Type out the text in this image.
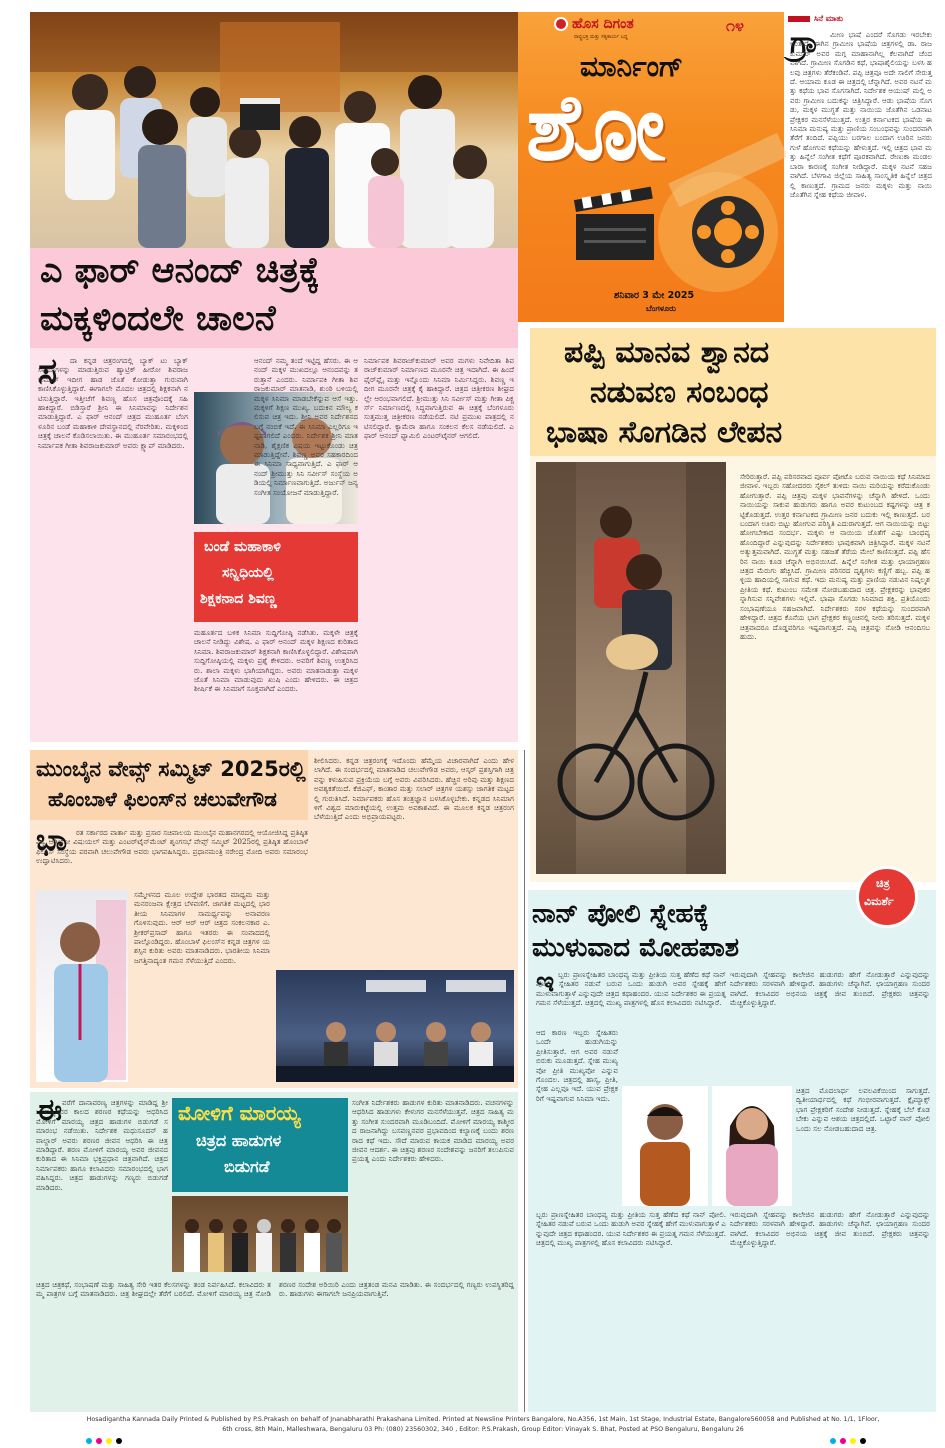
ಹೊಸ ದಿಗಂತ
ರಾಷ್ಟ್ರಭಕ್ತಿ ಮತ್ತು ಸತ್ಯಕಾರ್ಯ ಬದ್ಧ
೧೪
ಮಾರ್ನಿಂಗ್
ಶೋ
ಶನಿವಾರ 3 ಮೇ 2025
ಬೆಂಗಳೂರು
ಸಿನೆ ಮಾತು
ಗ್ರಾ	ಮೀಣ ಭಾಷೆ ಎಂದರೆ ಸೊಗಡು ಇರಬೇಕು ಅಂತಾರೆ. ಈಗಿನ ಗ್ರಾಮೀಣ ಭಾಷೆಯ ಚಿತ್ರಗಳಲ್ಲಿ ಡಾ. ರಾಜಕುಮಾರ್ ಅವರ ಮಗ್ಗ ಮಾಹಾನಾಗಿಲ್ಲ ಕೆಲವಾಗಿದೆ ಚೆಂದವಾಗಿದೆ. ಗ್ರಾಮೀಣ ಸೊಗಡಿನ ಕಥೆ, ಭಾಷಾಶೈಲಿಯನ್ನು ಬಳಸಿ ಹಲವು ಚಿತ್ರಗಳು ತೆರೆಕಂಡಿವೆ. ಪಪ್ಪಿ ಚಿತ್ರವೂ ಅದೇ ಸಾಲಿಗೆ ಸೇರುತ್ತದೆ. ಆಯಾಮ ಕೂಡ ಈ ಚಿತ್ರದಲ್ಲಿ ಚೆನ್ನಾಗಿದೆ. ಅವರ ನಟನೆ ಮತ್ತು ಕಥೆಯ ಭಾವ ಸೊಗಸಾಗಿದೆ. ನಿರ್ದೇಶಕ ಆಯುಷ್ ಮಲ್ಲಿ ಅವರು ಗ್ರಾಮೀಣ ಬದುಕನ್ನು ಚಿತ್ರಿಸಿದ್ದಾರೆ. ಆಡು ಭಾಷೆಯ ಸೊಗಡು, ಮಕ್ಕಳ ಮುಗ್ಧತೆ ಮತ್ತು ನಾಯಿಯ ಜೊತೆಗಿನ ಒಡನಾಟ ಪ್ರೇಕ್ಷಕರ ಮನಸೆಳೆಯುತ್ತದೆ. ಉತ್ತರ ಕರ್ನಾಟಕದ ಭಾಷೆಯ ಈ ಸಿನಿಮಾ ಮನುಷ್ಯ ಮತ್ತು ಪ್ರಾಣಿಯ ಸಂಬಂಧವನ್ನು ಸುಂದರವಾಗಿ ತೆರೆಗೆ ತಂದಿದೆ. ಪಪ್ಪಿಯು ಬರಗಾಲ ಬಂದಾಗ ಊರಿನ ಜನರು ಗುಳೆ ಹೋಗುವ ಕಥೆಯನ್ನು ಹೇಳುತ್ತದೆ. ಇಲ್ಲಿ ಚಿತ್ರದ ಭಾವ ಮತ್ತು ಹಿನ್ನೆಲೆ ಸಂಗೀತ ಕಥೆಗೆ ಪೂರಕವಾಗಿದೆ. ರೇಣುಕಾ ಮಂಡಲ ಬಾರಾ ಕಾರಣಕ್ಕೆ ಸಂಗೀತ ನೀಡಿದ್ದಾರೆ. ಮಕ್ಕಳ ನಟನೆ ಸಹಜವಾಗಿದೆ. ಬೆಳಗಾವಿ ಜಿಲ್ಲೆಯ ಸಾಹಿತ್ಯ ಸಾಂಸ್ಕೃತಿಕ ಹಿನ್ನೆಲೆ ಚಿತ್ರದಲ್ಲಿ ಕಾಣುತ್ತದೆ. ಗ್ರಾಮದ ಜನರು ಮಕ್ಕಳು ಮತ್ತು ನಾಯಿ ಜೊತೆಗಿನ ಸ್ನೇಹ ಕಥೆಯ ಜೀವಾಳ.
ಎ ಫಾರ್ ಆನಂದ್ ಚಿತ್ರಕ್ಕೆ
ಮಕ್ಕಳಿಂದಲೇ ಚಾಲನೆ
ಸ	ದಾ ಕನ್ನಡ ಚಿತ್ರರಂಗದಲ್ಲಿ ಬ್ಯಾಕ್ ಟು ಬ್ಯಾಕ್ ಸಿನಿಮಾಗಳನ್ನು ಮಾಡುತ್ತಿರುವ ಹ್ಯಾಟ್ರಿಕ್ ಹೀರೋ ಶಿವರಾಜಕುಮಾರ್ ಇದೀಗ ಹಾಡ ಜೊತೆ ಕೋಡುತ್ತಾ ಗುರುವಾಗಿ ಕಾಣಿಸಿಕೊಳ್ಳುತ್ತಿದ್ದಾರೆ. ಈಗಾಗಲೇ ಮೊದಲ ಚಿತ್ರದಲ್ಲಿ ಶಿಕ್ಷಕನಾಗಿ ನಟಿಸುತ್ತಿದ್ದಾರೆ. ಇತ್ತೀಚೆಗೆ ಶಿವಣ್ಣ ಹೊಸ ಚಿತ್ರವೊಂದಕ್ಕೆ ಸಹಿ ಹಾಕಿದ್ದಾರೆ. ಬಿಡಿಸ್ತಾರೆ ಶ್ರೀನಿ ಈ ಸಿನಿಮಾವನ್ನು ನಿರ್ದೇಶನ ಮಾಡುತ್ತಿದ್ದಾರೆ. ಎ ಫಾರ್ ಆನಂದ್ ಚಿತ್ರದ ಮುಹೂರ್ತ ಬೆಂಗಳೂರಿನ ಬಂಡೆ ಮಹಾಕಾಳಿ ದೇವಸ್ಥಾನದಲ್ಲಿ ನೆರವೇರಿತು. ಮಕ್ಕಳಿಂದ ಚಿತ್ರಕ್ಕೆ ಚಾಲನೆ ಕೊಡಿಸಲಾಯಿತು. ಈ ಮುಹೂರ್ತ ಸಮಾರಂಭದಲ್ಲಿ ನಿರ್ಮಾಪಕ ಗೀತಾ ಶಿವರಾಜಕುಮಾರ್ ಅವರು ಕ್ಲ್ಯಾಪ್ ಮಾಡಿದರು.
ಬಂಡೆ ಮಹಾಕಾಳಿ
ಸನ್ನಿಧಿಯಲ್ಲಿ
ಶಿಕ್ಷಕನಾದ ಶಿವಣ್ಣ
ಮಹೂರ್ತದ ಬಳಿಕ ಸಿನಿಮಾ ಸುದ್ದಿಗೋಷ್ಠಿ ನಡೆಸಿತು. ಮಕ್ಕಳೇ ಚಿತ್ರಕ್ಕೆ ಚಾಲನೆ ನೀಡಿದ್ದು ವಿಶೇಷ. ಎ ಫಾರ್ ಆನಂದ್ ಮಕ್ಕಳ ಶಿಕ್ಷಣದ ಕುರಿತಾದ ಸಿನಿಮಾ. ಶಿವರಾಜಕುಮಾರ್ ಶಿಕ್ಷಕನಾಗಿ ಕಾಣಿಸಿಕೊಳ್ಳಲಿದ್ದಾರೆ. ವಿಶೇಷವಾಗಿ ಸುದ್ದಿಗೋಷ್ಠಿಯಲ್ಲಿ ಮಕ್ಕಳು ಪ್ರಶ್ನೆ ಕೇಳಿದರು. ಅವರಿಗೆ ಶಿವಣ್ಣ ಉತ್ತರಿಸಿದರು. ಶಾಲಾ ಮಕ್ಕಳು ಭಾಗಿಯಾಗಿದ್ದರು. ಅವರು ಮಾತನಾಡುತ್ತಾ ಮಕ್ಕಳ ಜೊತೆ ಸಿನಿಮಾ ಮಾಡುವುದು ಖುಷಿ ಎಂದು ಹೇಳಿದರು. ಈ ಚಿತ್ರದ ಶೀರ್ಷಿಕೆ ಈ ಸಿನಿಮಾಗೆ ಸೂಕ್ತವಾಗಿದೆ ಎಂದರು.
ಆನಂದ್ ನಮ್ಮ ತಂದೆ ಇಟ್ಟಿದ್ದ ಹೆಸರು. ಈ ಆನಂದ್ ಮಕ್ಕಳ ಮುಖದಲ್ಲೂ ಆನಂದವನ್ನು ತರುತ್ತಾನೆ ಎಂದರು. ನಿರ್ಮಾಪಕಿ ಗೀತಾ ಶಿವರಾಜಕುಮಾರ್ ಮಾತನಾಡಿ, ಶುಂಠಿ ಬಳಿಯಲ್ಲಿ ಮಕ್ಕಳ ಸಿನಿಮಾ ಮಾಡಬೇಕೆನ್ನುವ ಆಸೆ ಇತ್ತು. ಮಕ್ಕಳಿಗೆ ಶಿಕ್ಷಣ ಮುಖ್ಯ. ಬದುಕಿನ ಮೌಲ್ಯ ಕಲಿಸುವ ಚಿತ್ರ ಇದು. ಶ್ರೀನಿ ಅವರ ನಿರ್ದೇಶನದ ಬಗ್ಗೆ ನಂಬಿಕೆ ಇದೆ. ಈ ಸಿನಿಮಾ ಎಲ್ಲರಿಗೂ ಇಷ್ಟವಾಗಲಿದೆ ಎಂದರು. ನಿರ್ದೇಶಕ ಶ್ರೀನಿ ಮಾತನಾಡಿ, ಶೈಕ್ಷಣಿಕ ವಿಷಯ ಇಟ್ಟುಕೊಂಡು ಚಿತ್ರ ಮಾಡುತ್ತಿದ್ದೇವೆ. ಶಿವಣ್ಣ ಅವರ ಸಹಕಾರದಿಂದ ಈ ಸಿನಿಮಾ ಸಾಧ್ಯವಾಗುತ್ತಿದೆ. ಎ ಫಾರ್ ಆನಂದ್ ಶ್ರೀಮುತ್ತು ಸಿನಿ ಸರ್ವೀಸ್ ಸಂಸ್ಥೆಯ ಅಡಿಯಲ್ಲಿ ನಿರ್ಮಾಣವಾಗುತ್ತಿದೆ. ಅರ್ಜುನ್ ಜನ್ಯ ಸಂಗೀತ ಸಂಯೋಜನೆ ಮಾಡುತ್ತಿದ್ದಾರೆ.
ನಿರ್ಮಾಪಕ ಶಿವರಾಜ್‌ಕುಮಾರ್ ಅವರ ಮಗಳು ನಿವೇದಿತಾ ಶಿವರಾಜ್‌ಕುಮಾರ್ ನಿರ್ಮಾಣದ ಮೂರನೇ ಚಿತ್ರ ಇದಾಗಿದೆ. ಈ ಹಿಂದೆ ಫೈರ್‌ಫ್ಲೈ ಮತ್ತು ಇನ್ನೊಂದು ಸಿನಿಮಾ ನಿರ್ಮಿಸಿದ್ದರು. ಶಿವಣ್ಣ ಇದೀಗ ಮೂರನೇ ಚಿತ್ರಕ್ಕೆ ಕೈ ಹಾಕಿದ್ದಾರೆ. ಚಿತ್ರದ ಚಿತ್ರೀಕರಣ ಶೀಘ್ರದಲ್ಲೇ ಆರಂಭವಾಗಲಿದೆ. ಶ್ರೀಮುತ್ತು ಸಿನಿ ಸರ್ವೀಸ್ ಮತ್ತು ಗೀತಾ ಪಿಕ್ಚರ್ಸ್ ನಿರ್ಮಾಣದಲ್ಲಿ ಸಿದ್ಧವಾಗುತ್ತಿರುವ ಈ ಚಿತ್ರಕ್ಕೆ ಬೆಂಗಳೂರು ಸುತ್ತಮುತ್ತ ಚಿತ್ರೀಕರಣ ನಡೆಯಲಿದೆ. ನಟಿ ಪ್ರಮುಖ ಪಾತ್ರದಲ್ಲಿ ನಟಿಸಲಿದ್ದಾರೆ. ಕ್ಯಾಮೆರಾ ಹಾಗೂ ಸಂಕಲನ ಕೆಲಸ ನಡೆಯಲಿದೆ. ಎ ಫಾರ್ ಆನಂದ್ ಫ್ಯಾಮಿಲಿ ಎಂಟರ್‌ಟೈನರ್ ಆಗಲಿದೆ.
ಪಪ್ಪಿ ಮಾನವ ಶ್ವಾನದ
ನಡುವಣ ಸಂಬಂಧ
ಭಾಷಾ ಸೊಗಡಿನ ಲೇಪನ
ಸೇರಿರುತ್ತಾರೆ. ಪಪ್ಪಿ ಪರಿಸರವಾದ ಪೂರ್ವ ಪೋಟೊ ಬರುವ ನಾಯಿಯ ಕಥೆ ಸಿನಿಮಾದ ಜೀವಾಳ. ಇಬ್ಬರು ಸಹೋದರರು ಸೈಕಲ್ ತುಳಿದು ನಾಯಿ ಮರಿಯನ್ನು ಕರೆದುಕೊಂಡು ಹೋಗುತ್ತಾರೆ. ಪಪ್ಪಿ ಚಿತ್ರವು ಮಕ್ಕಳ ಭಾವನೆಗಳನ್ನು ಚೆನ್ನಾಗಿ ಹೇಳಿದೆ. ಒಂದು ನಾಯಿಯನ್ನು ಸಾಕುವ ಹುಡುಗರು ಹಾಗೂ ಅವರ ಕುಟುಂಬದ ಕಷ್ಟಗಳನ್ನು ಚಿತ್ರ ಕಟ್ಟಿಕೊಡುತ್ತದೆ. ಉತ್ತರ ಕರ್ನಾಟಕದ ಗ್ರಾಮೀಣ ಜನರ ಬದುಕು ಇಲ್ಲಿ ಕಾಣುತ್ತದೆ. ಬರ ಬಂದಾಗ ಊರು ಬಿಟ್ಟು ಹೋಗುವ ಪರಿಸ್ಥಿತಿ ಎದುರಾಗುತ್ತದೆ. ಆಗ ನಾಯಿಯನ್ನು ಬಿಟ್ಟು ಹೋಗಬೇಕಾದ ಸಂದರ್ಭ. ಮಕ್ಕಳು ಆ ನಾಯಿಯ ಜೊತೆಗೆ ಎಷ್ಟು ಬಾಂಧವ್ಯ ಹೊಂದಿದ್ದಾರೆ ಎನ್ನುವುದನ್ನು ನಿರ್ದೇಶಕರು ಭಾವುಕವಾಗಿ ಚಿತ್ರಿಸಿದ್ದಾರೆ. ಮಕ್ಕಳ ನಟನೆ ಅತ್ಯುತ್ತಮವಾಗಿದೆ. ಮುಗ್ಧತೆ ಮತ್ತು ಸಹಜತೆ ತೆರೆಯ ಮೇಲೆ ಕಾಣಿಸುತ್ತದೆ. ಪಪ್ಪಿ ಹೆಸರಿನ ನಾಯಿ ಕೂಡ ಚೆನ್ನಾಗಿ ಅಭಿನಯಿಸಿದೆ. ಹಿನ್ನೆಲೆ ಸಂಗೀತ ಮತ್ತು ಛಾಯಾಗ್ರಹಣ ಚಿತ್ರದ ಮೆರುಗು ಹೆಚ್ಚಿಸಿದೆ. ಗ್ರಾಮೀಣ ಪರಿಸರದ ದೃಶ್ಯಗಳು ಕಣ್ಣಿಗೆ ಹಬ್ಬ. ಪಪ್ಪಿ ಹಳ್ಳಿಯ ಹಾದಿಯಲ್ಲಿ ಸಾಗುವ ಕಥೆ. ಇದು ಮನುಷ್ಯ ಮತ್ತು ಪ್ರಾಣಿಯ ನಡುವಿನ ನಿಷ್ಕಲ್ಮಶ ಪ್ರೀತಿಯ ಕಥೆ. ಕುಟುಂಬ ಸಮೇತ ನೋಡಬಹುದಾದ ಚಿತ್ರ. ಪ್ರೇಕ್ಷಕರನ್ನು ಭಾವುಕರನ್ನಾಗಿಸುವ ಸನ್ನಿವೇಶಗಳು ಇಲ್ಲಿವೆ. ಭಾಷಾ ಸೊಗಡು ಸಿನಿಮಾದ ಶಕ್ತಿ. ಪ್ರತಿಯೊಂದು ಸಂಭಾಷಣೆಯೂ ಸಹಜವಾಗಿದೆ. ನಿರ್ದೇಶಕರು ಸರಳ ಕಥೆಯನ್ನು ಸುಂದರವಾಗಿ ಹೇಳಿದ್ದಾರೆ. ಚಿತ್ರದ ಕೊನೆಯ ಭಾಗ ಪ್ರೇಕ್ಷಕರ ಕಣ್ಣಂಚಿನಲ್ಲಿ ನೀರು ತರಿಸುತ್ತದೆ. ಮಕ್ಕಳ ಚಿತ್ರವಾದರೂ ದೊಡ್ಡವರಿಗೂ ಇಷ್ಟವಾಗುತ್ತದೆ. ಪಪ್ಪಿ ಚಿತ್ರವನ್ನು ನೋಡಿ ಆನಂದಿಸಬಹುದು.
ಮುಂಬೈನ ವೇವ್ಸ್ ಸಮ್ಮಿಟ್ 2025ರಲ್ಲಿ
ಹೊಂಬಾಳೆ ಫಿಲಂಸ್‌ನ ಚಲುವೇಗೌಡ
ಶೀಲಿಸಿದರು. ಕನ್ನಡ ಚಿತ್ರರಂಗಕ್ಕೆ ಇದೊಂದು ಹೆಮ್ಮೆಯ ವಿಚಾರವಾಗಿದೆ ಎಂದು ಹೇಳಲಾಗಿದೆ. ಈ ಸಂದರ್ಭದಲ್ಲಿ ಮಾತನಾಡಿದ ಚಲುವೇಗೌಡ ಅವರು, ಆಸ್ಕರ್ ಪ್ರಶಸ್ತಿಗಾಗಿ ಚಿತ್ರವನ್ನು ಕಳುಹಿಸುವ ಪ್ರಕ್ರಿಯೆಯ ಬಗ್ಗೆ ಅವರು ವಿವರಿಸಿದರು. ಹೆಚ್ಚಿನ ಅರಿವು ಮತ್ತು ಶಿಕ್ಷಣದ ಅವಶ್ಯಕತೆಯಿದೆ. ಕೆಜಿಎಫ್, ಕಾಂತಾರ ಮತ್ತು ಸಲಾರ್ ಚಿತ್ರಗಳ ಯಶಸ್ಸು ಜಾಗತಿಕ ಮಟ್ಟದಲ್ಲಿ ಗುರುತಿಸಿದೆ. ನಿರ್ಮಾಪಕರು ಹೊಸ ತಂತ್ರಜ್ಞಾನ ಬಳಸಿಕೊಳ್ಳಬೇಕು. ಕನ್ನಡದ ಸಿನಿಮಾಗಳಿಗೆ ವಿಶ್ವದ ಮಾರುಕಟ್ಟೆಯಲ್ಲಿ ಉತ್ತಮ ಅವಕಾಶವಿದೆ. ಈ ಮೂಲಕ ಕನ್ನಡ ಚಿತ್ರರಂಗ ಬೆಳೆಯುತ್ತಿದೆ ಎಂದು ಅಭಿಪ್ರಾಯಪಟ್ಟರು.
ಭಾ	ರತ ಸರ್ಕಾರದ ವಾರ್ತಾ ಮತ್ತು ಪ್ರಸಾರ ಸಚಿವಾಲಯ ಮುಂಬೈನ ಮಹಾನಗರದಲ್ಲಿ ಆಯೋಜಿಸಿದ್ದ ಪ್ರತಿಷ್ಠಿತ ವಿಶ್ವ ಆಡಿಯೋ ವಿಷುಯಲ್ ಮತ್ತು ಎಂಟರ್‌ಟೈನ್‌ಮೆಂಟ್ ಶೃಂಗಸಭೆ ವೇವ್ಸ್ ಸಮ್ಮಿಟ್ 2025ರಲ್ಲಿ ಪ್ರತಿಷ್ಠಿತ ಹೊಂಬಾಳೆ ಫಿಲಂಸ್ ಸಂಸ್ಥೆಯ ಪರವಾಗಿ ಚಲುವೇಗೌಡ ಅವರು ಭಾಗವಹಿಸಿದ್ದರು. ಪ್ರಧಾನಮಂತ್ರಿ ನರೇಂದ್ರ ಮೋದಿ ಅವರು ಸಮಾರಂಭ ಉದ್ಘಾಟಿಸಿದರು.
ಸಮ್ಮೇಳನದ ಮೂಲ ಉದ್ದೇಶ ಭಾರತದ ಮಾಧ್ಯಮ ಮತ್ತು ಮನರಂಜನಾ ಕ್ಷೇತ್ರದ ಬೆಳವಣಿಗೆ. ಜಾಗತಿಕ ಮಟ್ಟದಲ್ಲಿ ಭಾರತೀಯ ಸಿನಿಮಾಗಳ ಸಾಮರ್ಥ್ಯವನ್ನು ಅನಾವರಣಗೊಳಿಸುವುದು. ಆರ್ ಆರ್ ಆರ್ ಚಿತ್ರದ ಸಂಕಲನಕಾರ ಎ.ಶ್ರೀಕರ್‌ಪ್ರಸಾದ್ ಹಾಗೂ ಇತರರು ಈ ಸಂವಾದದಲ್ಲಿ ಪಾಲ್ಗೊಂಡಿದ್ದರು. ಹೊಂಬಾಳೆ ಫಿಲಂಸ್‌ನ ಕನ್ನಡ ಚಿತ್ರಗಳ ಯಶಸ್ಸಿನ ಕುರಿತು ಅವರು ಮಾತನಾಡಿದರು. ಭಾರತೀಯ ಸಿನಿಮಾ ಜಗತ್ತಿನಾದ್ಯಂತ ಗಮನ ಸೆಳೆಯುತ್ತಿದೆ ಎಂದರು.
ಈ ವರೆಗೆ ದಾನಾವರಣ್ಯ ಚಿತ್ರಗಳನ್ನು ಮಾಡಿದ್ದ ಶ್ರೀ ಬಸವಣ್ಣನವರ ಕಾಲದ ಶರಣರ ಕಥೆಯನ್ನು ಆಧರಿಸಿದ ಮೋಳಿಗೆ ಮಾರಯ್ಯ ಚಿತ್ರದ ಹಾಡುಗಳ ಬಿಡುಗಡೆ ಸಮಾರಂಭ ನಡೆಯಿತು. ನಿರ್ದೇಶಕ ಮಧುಸೂದನ್ ಹವಾಲ್ದಾರ್ ಅವರು ಶರಣರ ಜೀವನ ಆಧರಿಸಿ ಈ ಚಿತ್ರ ಮಾಡಿದ್ದಾರೆ. ಶರಣ ಮೋಳಿಗೆ ಮಾರಯ್ಯ ಅವರ ಜೀವನದ ಕುರಿತಾದ ಈ ಸಿನಿಮಾ ಭಕ್ತಿಪ್ರಧಾನ ಚಿತ್ರವಾಗಿದೆ. ಚಿತ್ರದ ನಿರ್ಮಾಪಕರು ಹಾಗೂ ಕಲಾವಿದರು ಸಮಾರಂಭದಲ್ಲಿ ಭಾಗವಹಿಸಿದ್ದರು. ಚಿತ್ರದ ಹಾಡುಗಳನ್ನು ಗಣ್ಯರು ಬಿಡುಗಡೆ ಮಾಡಿದರು.
ಮೋಳಿಗೆ ಮಾರಯ್ಯ
ಚಿತ್ರದ ಹಾಡುಗಳ
ಬಿಡುಗಡೆ
ಸಂಗೀತ ನಿರ್ದೇಶಕರು ಹಾಡುಗಳ ಕುರಿತು ಮಾತನಾಡಿದರು. ವಚನಗಳನ್ನು ಆಧರಿಸಿದ ಹಾಡುಗಳು ಕೇಳುಗರ ಮನಸೆಳೆಯುತ್ತವೆ. ಚಿತ್ರದ ಸಾಹಿತ್ಯ ಮತ್ತು ಸಂಗೀತ ಸುಂದರವಾಗಿ ಮೂಡಿಬಂದಿದೆ. ಮೋಳಿಗೆ ಮಾರಯ್ಯ ಕಾಶ್ಮೀರದ ರಾಜನಾಗಿದ್ದು ಬಸವಣ್ಣನವರ ಪ್ರಭಾವದಿಂದ ಕಲ್ಯಾಣಕ್ಕೆ ಬಂದು ಶರಣರಾದ ಕಥೆ ಇದು. ಸೌದೆ ಮಾರುವ ಕಾಯಕ ಮಾಡಿದ ಮಾರಯ್ಯ ಅವರ ಜೀವನ ಆದರ್ಶ. ಈ ಚಿತ್ರವು ಶರಣರ ಸಂದೇಶವನ್ನು ಜನರಿಗೆ ತಲುಪಿಸುವ ಪ್ರಯತ್ನ ಎಂದು ನಿರ್ದೇಶಕರು ಹೇಳಿದರು.
ಚಿತ್ರದ ಚಿತ್ರಕಥೆ, ಸಂಭಾಷಣೆ ಮತ್ತು ಸಾಹಿತ್ಯ ಸೇರಿ ಇತರ ಕೆಲಸಗಳನ್ನು ತಂಡ ನಿರ್ವಹಿಸಿದೆ. ಕಲಾವಿದರು ತಮ್ಮ ಪಾತ್ರಗಳ ಬಗ್ಗೆ ಮಾತನಾಡಿದರು. ಚಿತ್ರ ಶೀಘ್ರದಲ್ಲೇ ತೆರೆಗೆ ಬರಲಿದೆ. ಮೋಳಿಗೆ ಮಾರಯ್ಯ ಚಿತ್ರ ನೋಡಿ ಶರಣರ ಸಂದೇಶ ಅರಿಯಿರಿ ಎಂದು ಚಿತ್ರತಂಡ ಮನವಿ ಮಾಡಿತು. ಈ ಸಂದರ್ಭದಲ್ಲಿ ಗಣ್ಯರು ಉಪಸ್ಥಿತರಿದ್ದರು. ಹಾಡುಗಳು ಈಗಾಗಲೇ ಜನಪ್ರಿಯವಾಗುತ್ತಿವೆ.
ನಾನ್ ಪೋಲಿ ಸ್ನೇಹಕ್ಕೆ
ಮುಳುವಾದ ಮೋಹಪಾಶ
ಚಿತ್ರ
ವಿಮರ್ಶೆ
ಇ ಬ್ಬರು ಪ್ರಾಣಸ್ನೇಹಿತರ ಬಾಂಧವ್ಯ ಮತ್ತು ಪ್ರೀತಿಯ ಸುತ್ತ ಹೆಣೆದ ಕಥೆ ನಾನ್ ಪೋಲಿ. ಸ್ನೇಹಿತರ ನಡುವೆ ಬರುವ ಒಂದು ಹುಡುಗಿ ಅವರ ಸ್ನೇಹಕ್ಕೆ ಹೇಗೆ ಮುಳುವಾಗುತ್ತಾಳೆ ಎನ್ನುವುದೇ ಚಿತ್ರದ ಕಥಾಹಂದರ. ಯುವ ನಿರ್ದೇಶಕರ ಈ ಪ್ರಯತ್ನ ಗಮನ ಸೆಳೆಯುತ್ತದೆ. ಚಿತ್ರದಲ್ಲಿ ಮುಖ್ಯ ಪಾತ್ರಗಳಲ್ಲಿ ಹೊಸ ಕಲಾವಿದರು ನಟಿಸಿದ್ದಾರೆ.
ಆದ ಕಾರಣ ಇಬ್ಬರು ಸ್ನೇಹಿತರು ಒಂದೇ ಹುಡುಗಿಯನ್ನು ಪ್ರೀತಿಸುತ್ತಾರೆ. ಆಗ ಅವರ ನಡುವೆ ಬಿರುಕು ಮೂಡುತ್ತದೆ. ಸ್ನೇಹ ಮುಖ್ಯವೋ ಪ್ರೀತಿ ಮುಖ್ಯವೋ ಎನ್ನುವ ಗೊಂದಲ. ಚಿತ್ರದಲ್ಲಿ ಹಾಸ್ಯ, ಪ್ರೀತಿ, ಸ್ನೇಹ ಎಲ್ಲವೂ ಇದೆ. ಯುವ ಪ್ರೇಕ್ಷಕರಿಗೆ ಇಷ್ಟವಾಗುವ ಸಿನಿಮಾ ಇದು.
ಇರುವುದಾಗಿ ಸ್ನೇಹವನ್ನು ಕಾಲೇಜಿನ ಹುಡುಗರು ಹೇಗೆ ನೋಡುತ್ತಾರೆ ಎನ್ನುವುದನ್ನು ನಿರ್ದೇಶಕರು ಸರಳವಾಗಿ ಹೇಳಿದ್ದಾರೆ. ಹಾಡುಗಳು ಚೆನ್ನಾಗಿವೆ. ಛಾಯಾಗ್ರಹಣ ಸುಂದರವಾಗಿದೆ. ಕಲಾವಿದರ ಅಭಿನಯ ಚಿತ್ರಕ್ಕೆ ಜೀವ ತುಂಬಿದೆ. ಪ್ರೇಕ್ಷಕರು ಚಿತ್ರವನ್ನು ಮೆಚ್ಚಿಕೊಳ್ಳುತ್ತಿದ್ದಾರೆ.
ಚಿತ್ರದ ಮೊದಲಾರ್ಧ ಲವಲವಿಕೆಯಿಂದ ಸಾಗುತ್ತದೆ. ದ್ವಿತೀಯಾರ್ಧದಲ್ಲಿ ಕಥೆ ಗಂಭೀರವಾಗುತ್ತದೆ. ಕ್ಲೈಮ್ಯಾಕ್ಸ್ ಭಾಗ ಪ್ರೇಕ್ಷಕರಿಗೆ ಸಂದೇಶ ನೀಡುತ್ತದೆ. ಸ್ನೇಹಕ್ಕೆ ಬೆಲೆ ಕೊಡಬೇಕು ಎನ್ನುವ ಆಶಯ ಚಿತ್ರದಲ್ಲಿದೆ. ಒಟ್ಟಾರೆ ನಾನ್ ಪೋಲಿ ಒಂದು ಸಲ ನೋಡಬಹುದಾದ ಚಿತ್ರ.
ಬ್ಬರು ಪ್ರಾಣಸ್ನೇಹಿತರ ಬಾಂಧವ್ಯ ಮತ್ತು ಪ್ರೀತಿಯ ಸುತ್ತ ಹೆಣೆದ ಕಥೆ ನಾನ್ ಪೋಲಿ. ಸ್ನೇಹಿತರ ನಡುವೆ ಬರುವ ಒಂದು ಹುಡುಗಿ ಅವರ ಸ್ನೇಹಕ್ಕೆ ಹೇಗೆ ಮುಳುವಾಗುತ್ತಾಳೆ ಎನ್ನುವುದೇ ಚಿತ್ರದ ಕಥಾಹಂದರ. ಯುವ ನಿರ್ದೇಶಕರ ಈ ಪ್ರಯತ್ನ ಗಮನ ಸೆಳೆಯುತ್ತದೆ. ಚಿತ್ರದಲ್ಲಿ ಮುಖ್ಯ ಪಾತ್ರಗಳಲ್ಲಿ ಹೊಸ ಕಲಾವಿದರು ನಟಿಸಿದ್ದಾರೆ.
ಇರುವುದಾಗಿ ಸ್ನೇಹವನ್ನು ಕಾಲೇಜಿನ ಹುಡುಗರು ಹೇಗೆ ನೋಡುತ್ತಾರೆ ಎನ್ನುವುದನ್ನು ನಿರ್ದೇಶಕರು ಸರಳವಾಗಿ ಹೇಳಿದ್ದಾರೆ. ಹಾಡುಗಳು ಚೆನ್ನಾಗಿವೆ. ಛಾಯಾಗ್ರಹಣ ಸುಂದರವಾಗಿದೆ. ಕಲಾವಿದರ ಅಭಿನಯ ಚಿತ್ರಕ್ಕೆ ಜೀವ ತುಂಬಿದೆ. ಪ್ರೇಕ್ಷಕರು ಚಿತ್ರವನ್ನು ಮೆಚ್ಚಿಕೊಳ್ಳುತ್ತಿದ್ದಾರೆ.
Hosadigantha Kannada Daily Printed & Published by P.S.Prakash on behalf of Jnanabharathi Prakashana Limited. Printed at Newsline Printers Bangalore, No.A356, 1st Main, 1st Stage, Industrial Estate, Bangalore560058 and Published at No. 1/1, 1Floor,
6th cross, 8th Main, Malleshwara, Bengaluru 03 Ph: (080) 23560302, 340 , Editor: P.S.Prakash, Group Editor: Vinayak S. Bhat, Posted at PSO Bengaluru, Bengaluru 26
